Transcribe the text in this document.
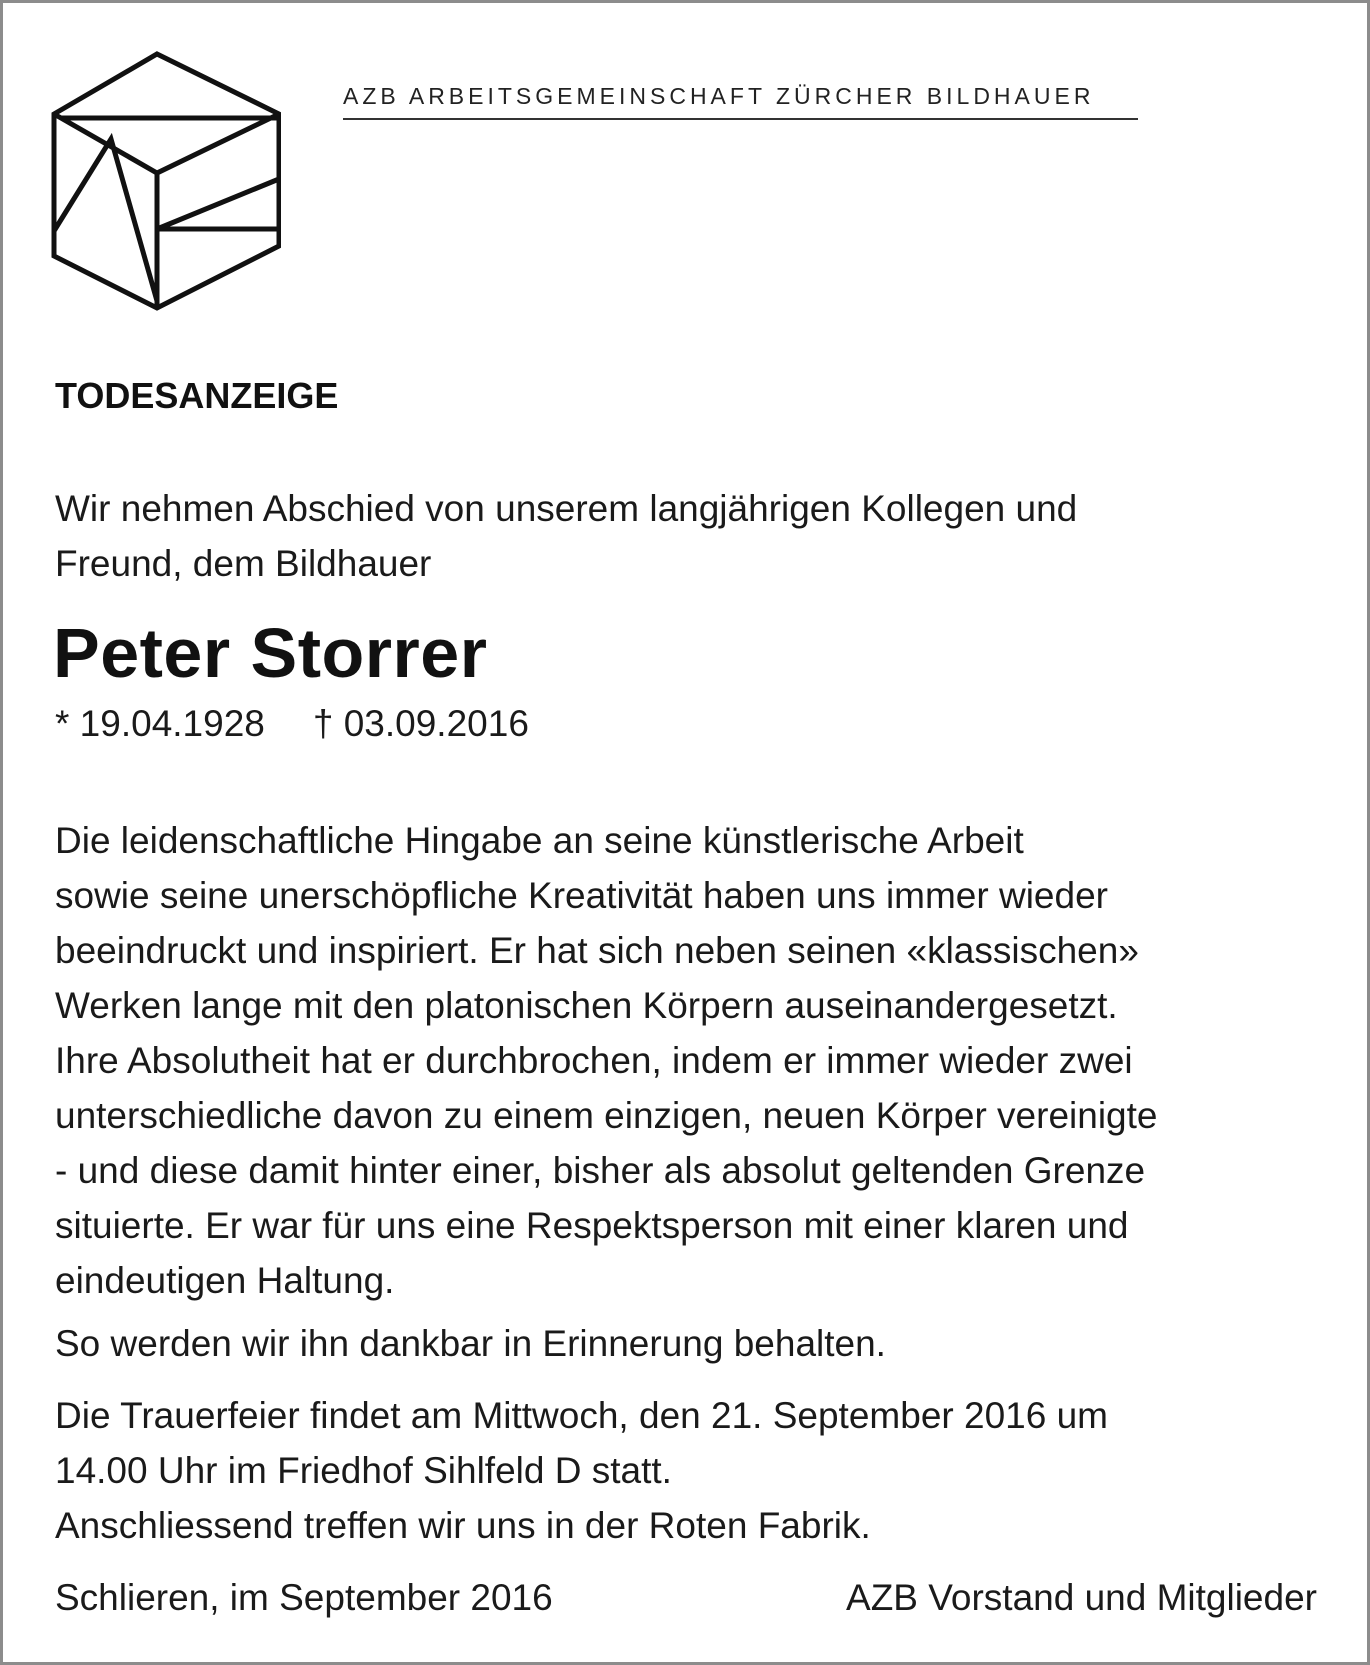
AZB ARBEITSGEMEINSCHAFT ZÜRCHER BILDHAUER
TODESANZEIGE

Wir nehmen Abschied von unserem langjährigen Kollegen und

Freund, dem Bildhauer

Peter Storrer
* 19.04.1928 † 03.09.2016

Die leidenschaftliche Hingabe an seine künstlerische Arbeit

sowie seine unerschöpfliche Kreativität haben uns immer wieder

beeindruckt und inspiriert. Er hat sich neben seinen «klassischen»

Werken lange mit den platonischen Körpern auseinandergesetzt.

Ihre Absolutheit hat er durchbrochen, indem er immer wieder zwei

unterschiedliche davon zu einem einzigen, neuen Körper vereinigte

- und diese damit hinter einer, bisher als absolut geltenden Grenze

situierte. Er war für uns eine Respektsperson mit einer klaren und

eindeutigen Haltung.

So werden wir ihn dankbar in Erinnerung behalten.

Die Trauerfeier findet am Mittwoch, den 21. September 2016 um

14.00 Uhr im Friedhof Sihlfeld D statt.

Anschliessend treffen wir uns in der Roten Fabrik.

Schlieren, im September 2016	AZB Vorstand und Mitglieder
